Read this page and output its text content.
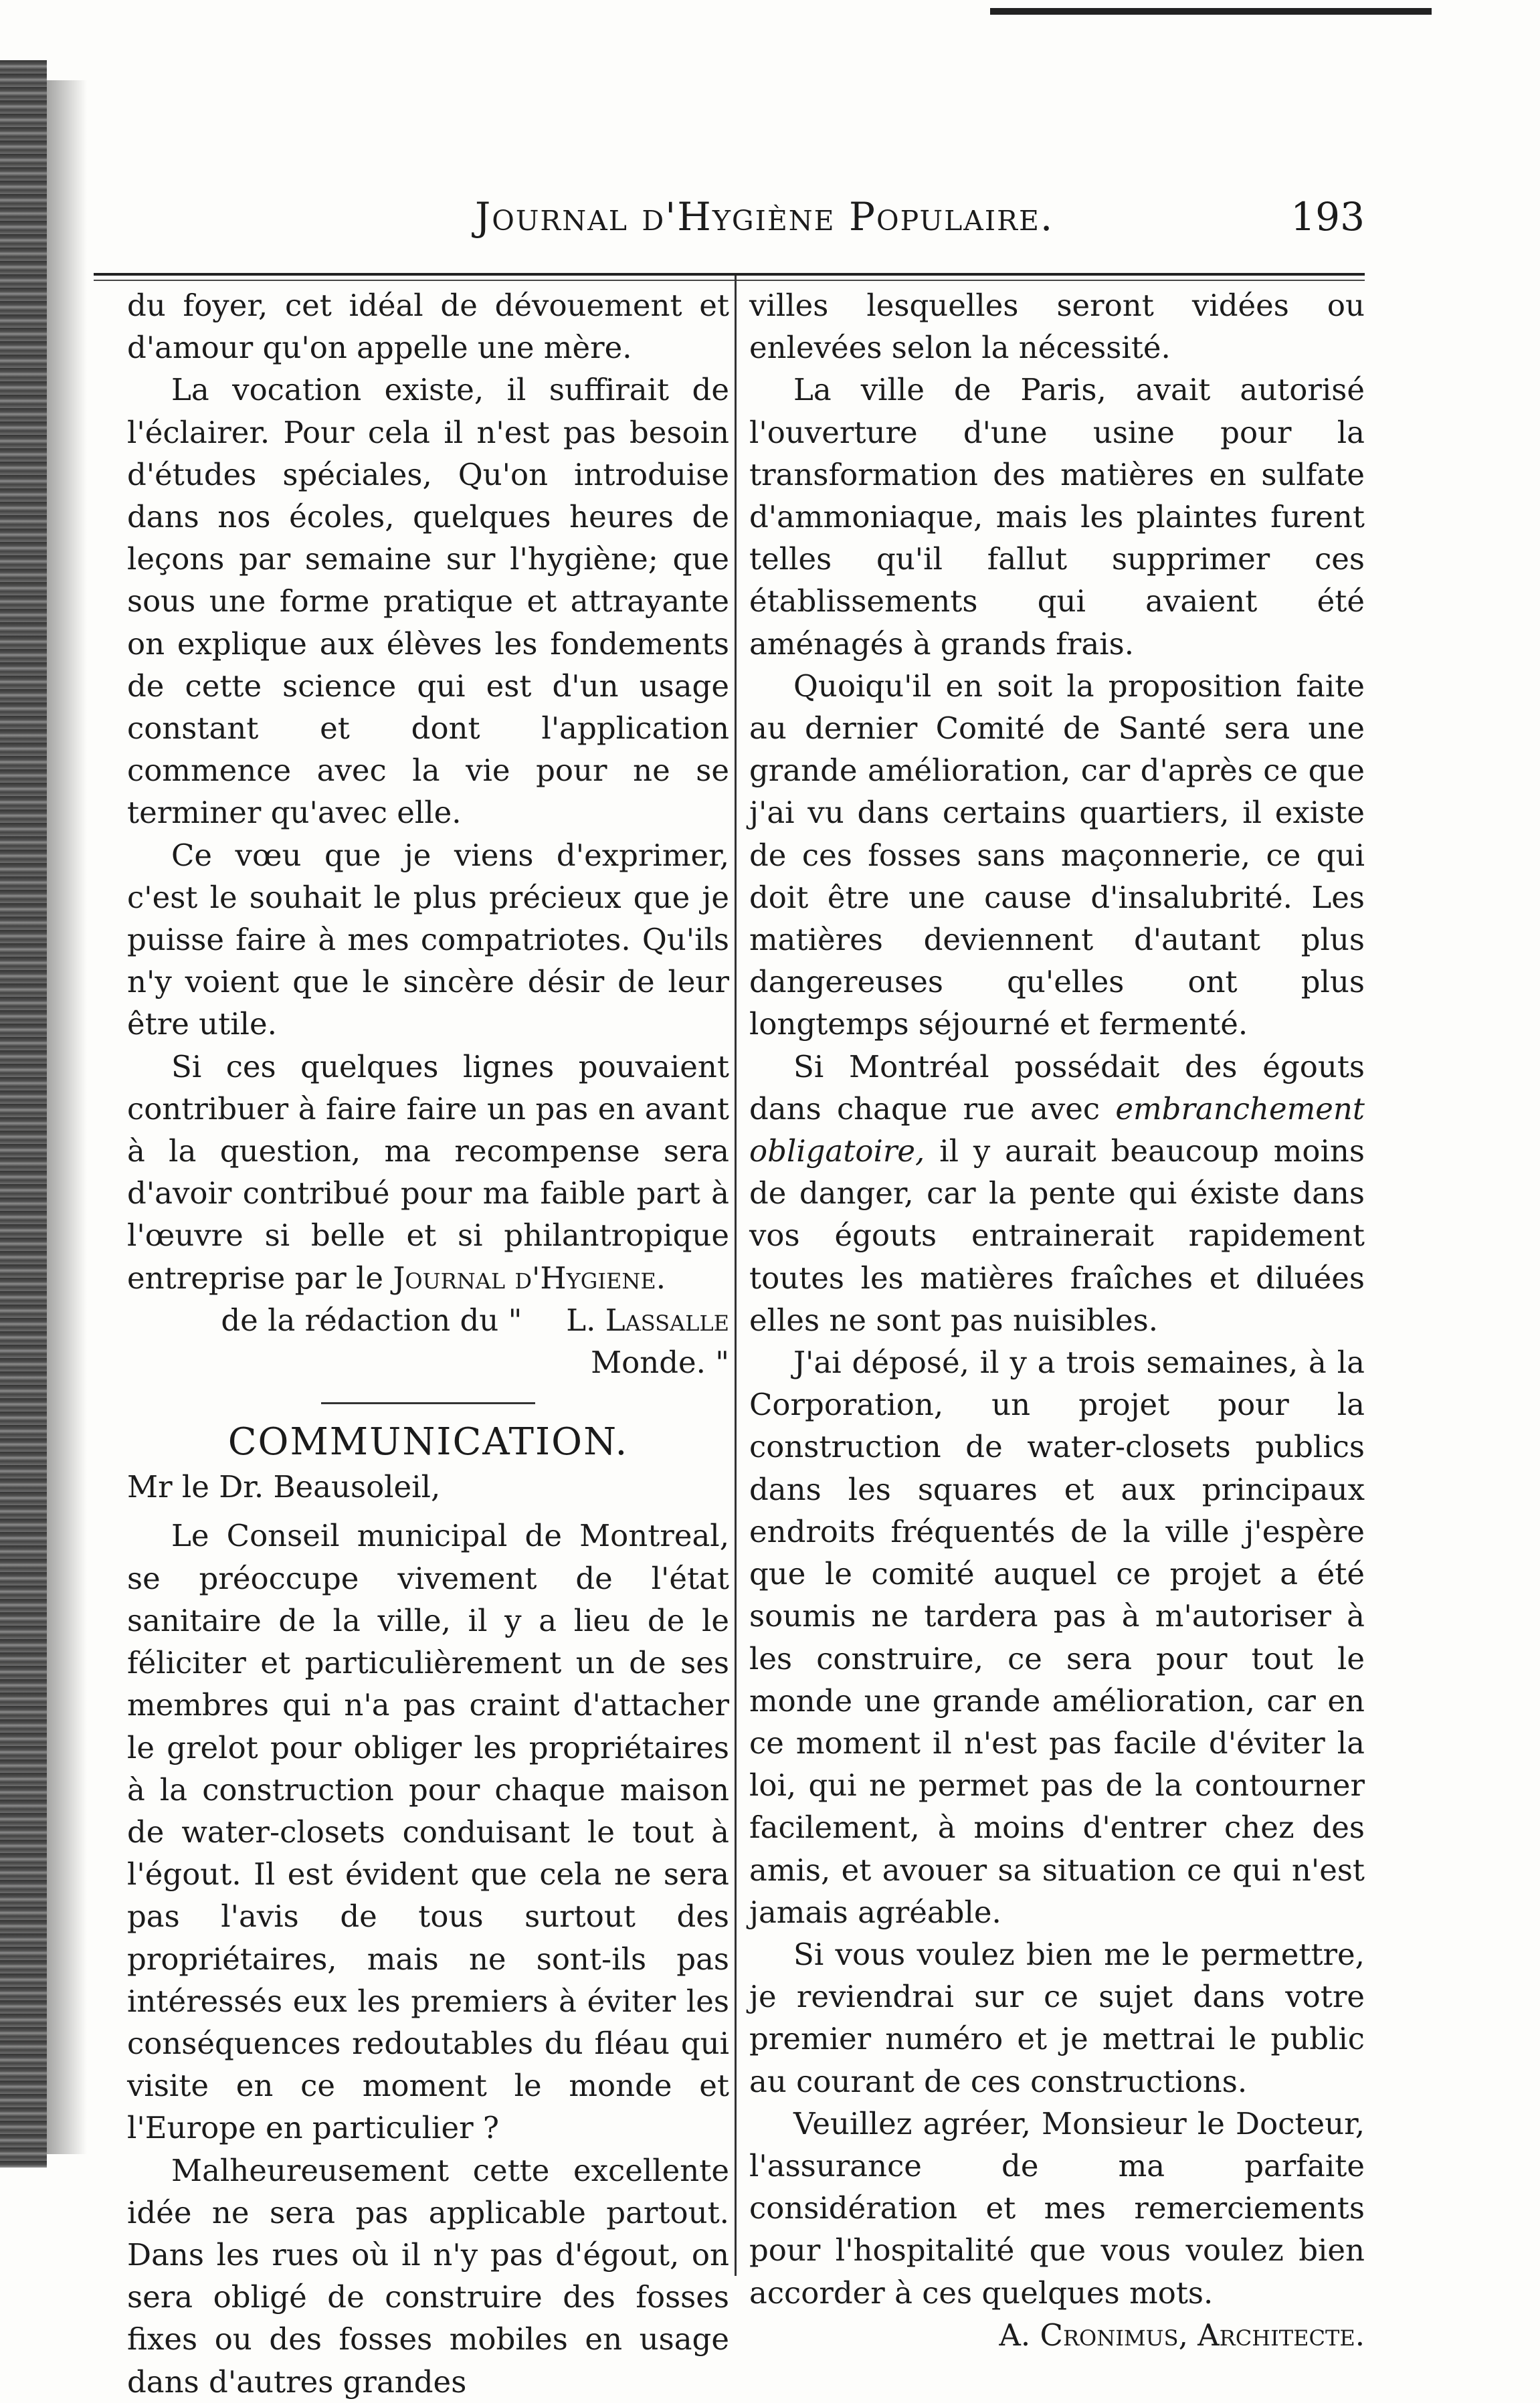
Journal d'Hygiène Populaire.	193

du foyer, cet idéal de dévouement et d'amour qu'on appelle une mère.

La vocation existe, il suffirait de l'éclairer. Pour cela il n'est pas besoin d'études spéciales, Qu'on introduise dans nos écoles, quelques heures de leçons par semaine sur l'hygiène; que sous une forme pratique et attrayante on explique aux élèves les fondements de cette science qui est d'un usage constant et dont l'application commence avec la vie pour ne se terminer qu'avec elle.

Ce vœu que je viens d'exprimer, c'est le souhait le plus précieux que je puisse faire à mes compatriotes. Qu'ils n'y voient que le sincère désir de leur être utile.

Si ces quelques lignes pouvaient contribuer à faire faire un pas en avant à la question, ma recompense sera d'avoir contribué pour ma faible part à l'œuvre si belle et si philantropique entreprise par le Journal d'Hygiene.
L. Lassalle

de la rédaction du " Monde. "

COMMUNICATION.

Mr le Dr. Beausoleil,

Le Conseil municipal de Montreal, se préoccupe vivement de l'état sanitaire de la ville, il y a lieu de le féliciter et particulièrement un de ses membres qui n'a pas craint d'attacher le grelot pour obliger les propriétaires à la construction pour chaque maison de water-closets conduisant le tout à l'égout. Il est évident que cela ne sera pas l'avis de tous surtout des propriétaires, mais ne sont-ils pas intéressés eux les premiers à éviter les conséquences redoutables du fléau qui visite en ce moment le monde et l'Europe en particulier ?

Malheureusement cette excellente idée ne sera pas applicable partout. Dans les rues où il n'y pas d'égout, on sera obligé de construire des fosses fixes ou des fosses mobiles en usage dans d'autres grandes

villes lesquelles seront vidées ou enlevées selon la nécessité.

La ville de Paris, avait autorisé l'ouverture d'une usine pour la transformation des matières en sulfate d'ammoniaque, mais les plaintes furent telles qu'il fallut supprimer ces établissements qui avaient été aménagés à grands frais.

Quoiqu'il en soit la proposition faite au dernier Comité de Santé sera une grande amélioration, car d'après ce que j'ai vu dans certains quartiers, il existe de ces fosses sans maçonnerie, ce qui doit être une cause d'insalubrité. Les matières deviennent d'autant plus dangereuses qu'elles ont plus longtemps séjourné et fermenté.

Si Montréal possédait des égouts dans chaque rue avec embranchement obligatoire, il y aurait beaucoup moins de danger, car la pente qui éxiste dans vos égouts entrainerait rapidement toutes les matières fraîches et diluées elles ne sont pas nuisibles.

J'ai déposé, il y a trois semaines, à la Corporation, un projet pour la construction de water-closets publics dans les squares et aux principaux endroits fréquentés de la ville j'espère que le comité auquel ce projet a été soumis ne tardera pas à m'autoriser à les construire, ce sera pour tout le monde une grande amélioration, car en ce moment il n'est pas facile d'éviter la loi, qui ne permet pas de la contourner facilement, à moins d'entrer chez des amis, et avouer sa situation ce qui n'est jamais agréable.

Si vous voulez bien me le permettre, je reviendrai sur ce sujet dans votre premier numéro et je mettrai le public au courant de ces constructions.

Veuillez agréer, Monsieur le Docteur, l'assurance de ma parfaite considération et mes remerciements pour l'hospitalité que vous voulez bien accorder à ces quelques mots.

A. Cronimus, Architecte.
